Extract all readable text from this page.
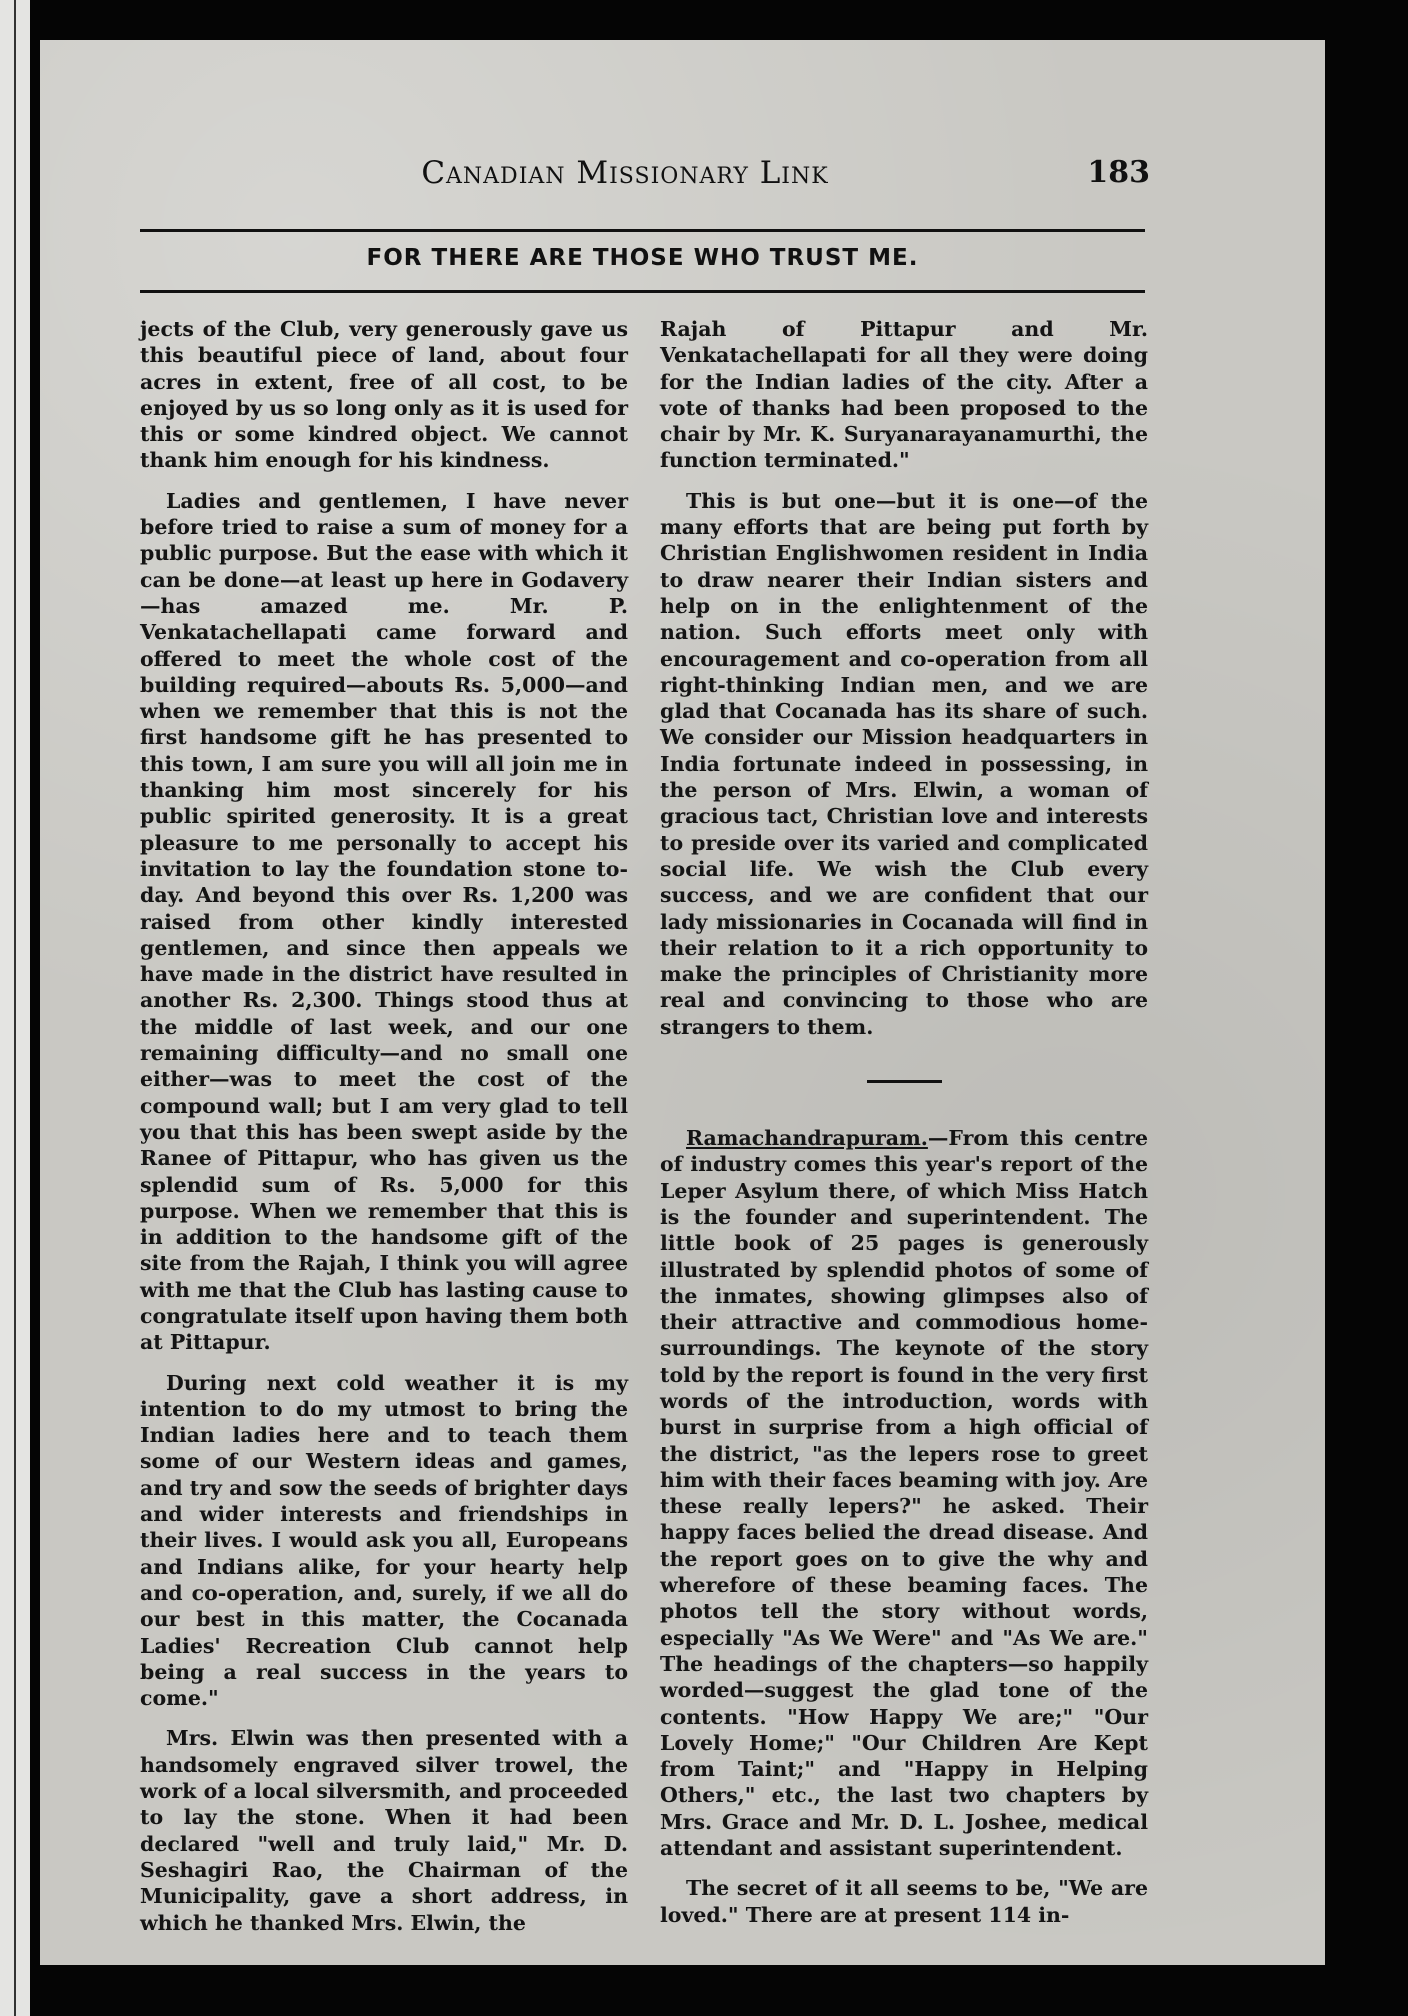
Canadian Missionary Link	183
FOR THERE ARE THOSE WHO TRUST ME.

jects of the Club, very generously gave us this beautiful piece of land, about four acres in extent, free of all cost, to be enjoyed by us so long only as it is used for this or some kindred object. We cannot thank him enough for his kindness.

Ladies and gentlemen, I have never before tried to raise a sum of money for a public purpose. But the ease with which it can be done—at least up here in Godavery—has amazed me. Mr. P. Venkatachellapati came forward and offered to meet the whole cost of the building required—abouts Rs. 5,000—and when we remember that this is not the first handsome gift he has presented to this town, I am sure you will all join me in thanking him most sincerely for his public spirited generosity. It is a great pleasure to me personally to accept his invitation to lay the foundation stone to-day. And beyond this over Rs. 1,200 was raised from other kindly interested gentlemen, and since then appeals we have made in the district have resulted in another Rs. 2,300. Things stood thus at the middle of last week, and our one remaining difficulty—and no small one either—was to meet the cost of the compound wall; but I am very glad to tell you that this has been swept aside by the Ranee of Pittapur, who has given us the splendid sum of Rs. 5,000 for this purpose. When we remember that this is in addition to the handsome gift of the site from the Rajah, I think you will agree with me that the Club has lasting cause to congratulate itself upon having them both at Pittapur.

During next cold weather it is my intention to do my utmost to bring the Indian ladies here and to teach them some of our Western ideas and games, and try and sow the seeds of brighter days and wider interests and friendships in their lives. I would ask you all, Europeans and Indians alike, for your hearty help and co-operation, and, surely, if we all do our best in this matter, the Cocanada Ladies' Recreation Club cannot help being a real success in the years to come."

Mrs. Elwin was then presented with a handsomely engraved silver trowel, the work of a local silversmith, and proceeded to lay the stone. When it had been declared "well and truly laid," Mr. D. Seshagiri Rao, the Chairman of the Municipality, gave a short address, in which he thanked Mrs. Elwin, the

Rajah of Pittapur and Mr. Venkatachellapati for all they were doing for the Indian ladies of the city. After a vote of thanks had been proposed to the chair by Mr. K. Suryanarayanamurthi, the function terminated."

This is but one—but it is one—of the many efforts that are being put forth by Christian Englishwomen resident in India to draw nearer their Indian sisters and help on in the enlightenment of the nation. Such efforts meet only with encouragement and co-operation from all right-thinking Indian men, and we are glad that Cocanada has its share of such. We consider our Mission headquarters in India fortunate indeed in possessing, in the person of Mrs. Elwin, a woman of gracious tact, Christian love and interests to preside over its varied and complicated social life. We wish the Club every success, and we are confident that our lady missionaries in Cocanada will find in their relation to it a rich opportunity to make the principles of Christianity more real and convincing to those who are strangers to them.

Ramachandrapuram.—From this centre of industry comes this year's report of the Leper Asylum there, of which Miss Hatch is the founder and superintendent. The little book of 25 pages is generously illustrated by splendid photos of some of the inmates, showing glimpses also of their attractive and commodious home-surroundings. The keynote of the story told by the report is found in the very first words of the introduction, words with burst in surprise from a high official of the district, "as the lepers rose to greet him with their faces beaming with joy. Are these really lepers?" he asked. Their happy faces belied the dread disease. And the report goes on to give the why and wherefore of these beaming faces. The photos tell the story without words, especially "As We Were" and "As We are." The headings of the chapters—so happily worded—suggest the glad tone of the contents. "How Happy We are;" "Our Lovely Home;" "Our Children Are Kept from Taint;" and "Happy in Helping Others," etc., the last two chapters by Mrs. Grace and Mr. D. L. Joshee, medical attendant and assistant superintendent.

The secret of it all seems to be, "We are loved." There are at present 114 in-
